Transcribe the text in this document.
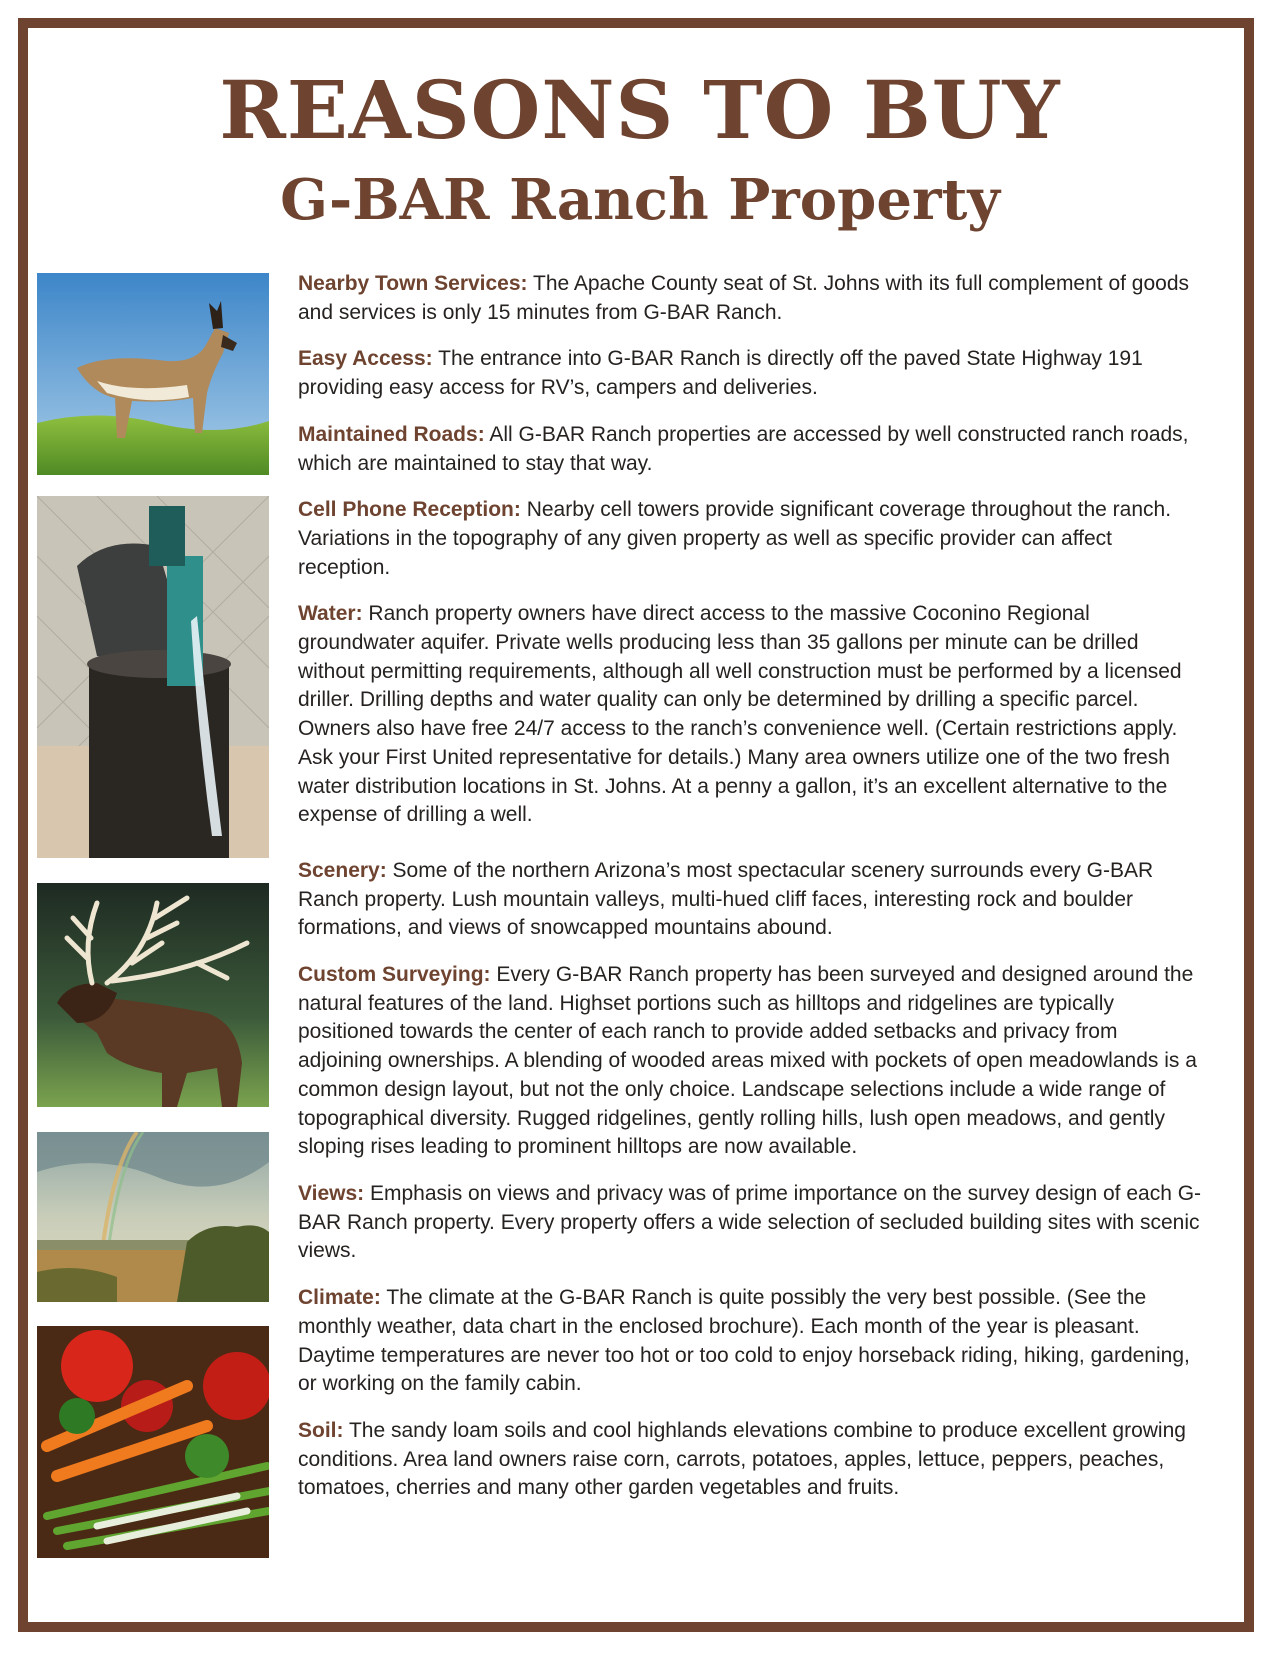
REASONS TO BUY
G-BAR Ranch Property

Nearby Town Services: The Apache County seat of St. Johns with its full complement of goods and services is only 15 minutes from G-BAR Ranch.

Easy Access: The entrance into G-BAR Ranch is directly off the paved State Highway 191 providing easy access for RV’s, campers and deliveries.

Maintained Roads: All G-BAR Ranch properties are accessed by well constructed ranch roads, which are maintained to stay that way.

Cell Phone Reception: Nearby cell towers provide significant coverage throughout the ranch. Variations in the topography of any given property as well as specific provider can affect reception.

Water: Ranch property owners have direct access to the massive Coconino Regional groundwater aquifer. Private wells producing less than 35 gallons per minute can be drilled without permitting requirements, although all well construction must be performed by a licensed driller. Drilling depths and water quality can only be determined by drilling a specific parcel. Owners also have free 24/7 access to the ranch’s convenience well. (Certain restrictions apply. Ask your First United representative for details.) Many area owners utilize one of the two fresh water distribution locations in St. Johns. At a penny a gallon, it’s an excellent alternative to the expense of drilling a well.

Scenery: Some of the northern Arizona’s most spectacular scenery surrounds every G-BAR Ranch property. Lush mountain valleys, multi-hued cliff faces, interesting rock and boulder formations, and views of snowcapped mountains abound.

Custom Surveying: Every G-BAR Ranch property has been surveyed and designed around the natural features of the land. Highset portions such as hilltops and ridgelines are typically positioned towards the center of each ranch to provide added setbacks and privacy from adjoining ownerships. A blending of wooded areas mixed with pockets of open meadowlands is a common design layout, but not the only choice. Landscape selections include a wide range of topographical diversity. Rugged ridgelines, gently rolling hills, lush open meadows, and gently sloping rises leading to prominent hilltops are now available.

Views: Emphasis on views and privacy was of prime importance on the survey design of each G-BAR Ranch property. Every property offers a wide selection of secluded building sites with scenic views.

Climate: The climate at the G-BAR Ranch is quite possibly the very best possible. (See the monthly weather, data chart in the enclosed brochure). Each month of the year is pleasant. Daytime temperatures are never too hot or too cold to enjoy horseback riding, hiking, gardening, or working on the family cabin.

Soil: The sandy loam soils and cool highlands elevations combine to produce excellent growing conditions. Area land owners raise corn, carrots, potatoes, apples, lettuce, peppers, peaches, tomatoes, cherries and many other garden vegetables and fruits.
